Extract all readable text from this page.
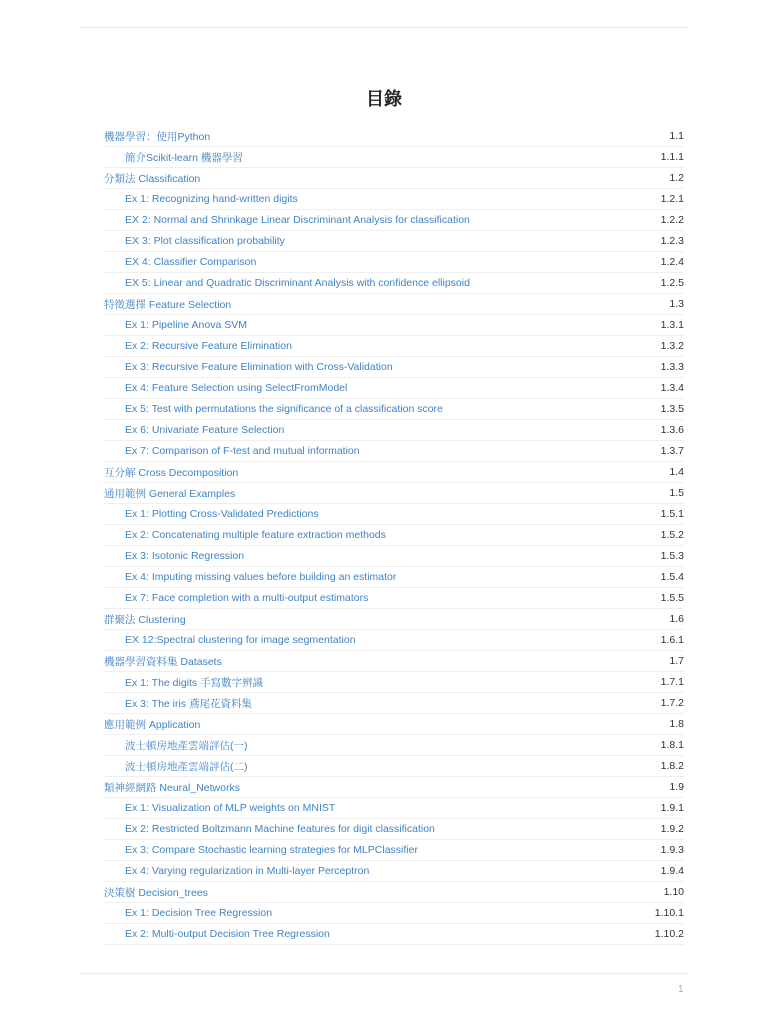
目錄
機器學習：使用Python	1.1
簡介Scikit-learn 機器學習	1.1.1
分類法 Classification	1.2
Ex 1: Recognizing hand-written digits	1.2.1
EX 2: Normal and Shrinkage Linear Discriminant Analysis for classification	1.2.2
EX 3: Plot classification probability	1.2.3
EX 4: Classifier Comparison	1.2.4
EX 5: Linear and Quadratic Discriminant Analysis with confidence ellipsoid	1.2.5
特徵選擇 Feature Selection	1.3
Ex 1: Pipeline Anova SVM	1.3.1
Ex 2: Recursive Feature Elimination	1.3.2
Ex 3: Recursive Feature Elimination with Cross-Validation	1.3.3
Ex 4: Feature Selection using SelectFromModel	1.3.4
Ex 5: Test with permutations the significance of a classification score	1.3.5
Ex 6: Univariate Feature Selection	1.3.6
Ex 7: Comparison of F-test and mutual information	1.3.7
互分解 Cross Decomposition	1.4
通用範例 General Examples	1.5
Ex 1: Plotting Cross-Validated Predictions	1.5.1
Ex 2: Concatenating multiple feature extraction methods	1.5.2
Ex 3: Isotonic Regression	1.5.3
Ex 4: Imputing missing values before building an estimator	1.5.4
Ex 7: Face completion with a multi-output estimators	1.5.5
群聚法 Clustering	1.6
EX 12:Spectral clustering for image segmentation	1.6.1
機器學習資料集 Datasets	1.7
Ex 1: The digits 手寫數字辨識	1.7.1
Ex 3: The iris 鳶尾花資料集	1.7.2
應用範例 Application	1.8
波士頓房地產雲端評估(一)	1.8.1
波士頓房地產雲端評估(二)	1.8.2
類神經網路 Neural_Networks	1.9
Ex 1: Visualization of MLP weights on MNIST	1.9.1
Ex 2: Restricted Boltzmann Machine features for digit classification	1.9.2
Ex 3: Compare Stochastic learning strategies for MLPClassifier	1.9.3
Ex 4: Varying regularization in Multi-layer Perceptron	1.9.4
決策樹 Decision_trees	1.10
Ex 1: Decision Tree Regression	1.10.1
Ex 2: Multi-output Decision Tree Regression	1.10.2
1
